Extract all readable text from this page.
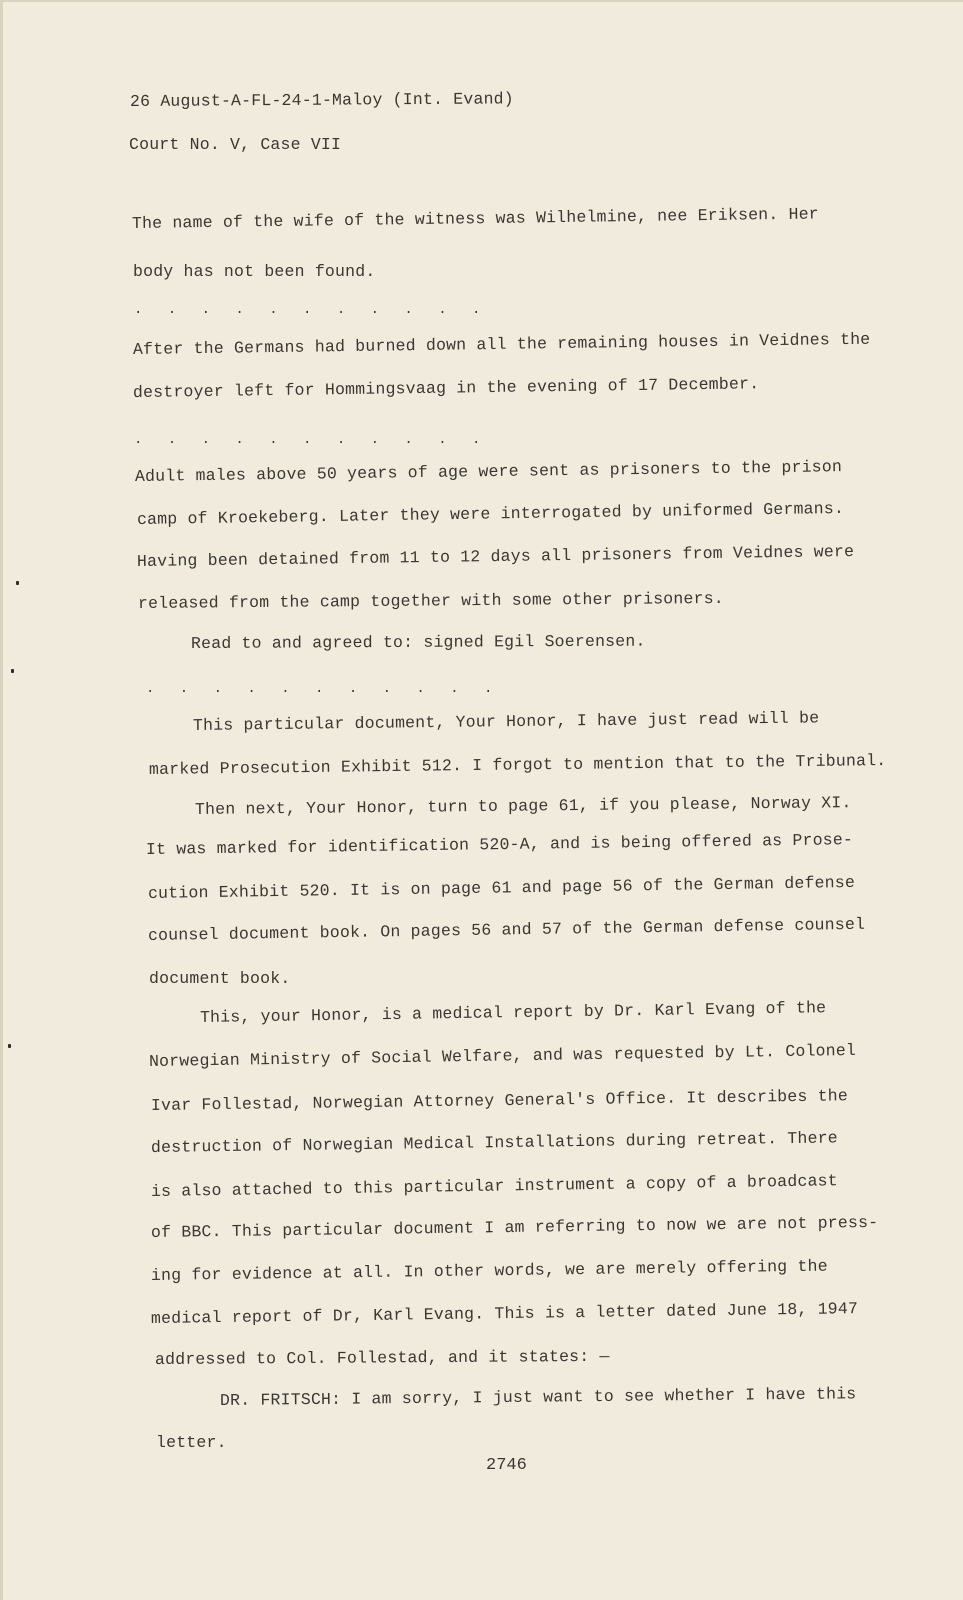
26 August-A-FL-24-1-Maloy (Int. Evand)
Court No. V, Case VII
The name of the wife of the witness was Wilhelmine, nee Eriksen. Her
body has not been found.
. . . . . . . . . . .
After the Germans had burned down all the remaining houses in Veidnes the
destroyer left for Hommingsvaag in the evening of 17 December.
. . . . . . . . . . .
Adult males above 50 years of age were sent as prisoners to the prison
camp of Kroekeberg. Later they were interrogated by uniformed Germans.
Having been detained from 11 to 12 days all prisoners from Veidnes were
released from the camp together with some other prisoners.
Read to and agreed to: signed Egil Soerensen.
. . . . . . . . . . .
This particular document, Your Honor, I have just read will be
marked Prosecution Exhibit 512. I forgot to mention that to the Tribunal.
Then next, Your Honor, turn to page 61, if you please, Norway XI.
It was marked for identification 520-A, and is being offered as Prose-
cution Exhibit 520. It is on page 61 and page 56 of the German defense
counsel document book. On pages 56 and 57 of the German defense counsel
document book.
This, your Honor, is a medical report by Dr. Karl Evang of the
Norwegian Ministry of Social Welfare, and was requested by Lt. Colonel
Ivar Follestad, Norwegian Attorney General's Office. It describes the
destruction of Norwegian Medical Installations during retreat. There
is also attached to this particular instrument a copy of a broadcast
of BBC. This particular document I am referring to now we are not press-
ing for evidence at all. In other words, we are merely offering the
medical report of Dr, Karl Evang. This is a letter dated June 18, 1947
addressed to Col. Follestad, and it states: —
DR. FRITSCH: I am sorry, I just want to see whether I have this
letter.
2746
